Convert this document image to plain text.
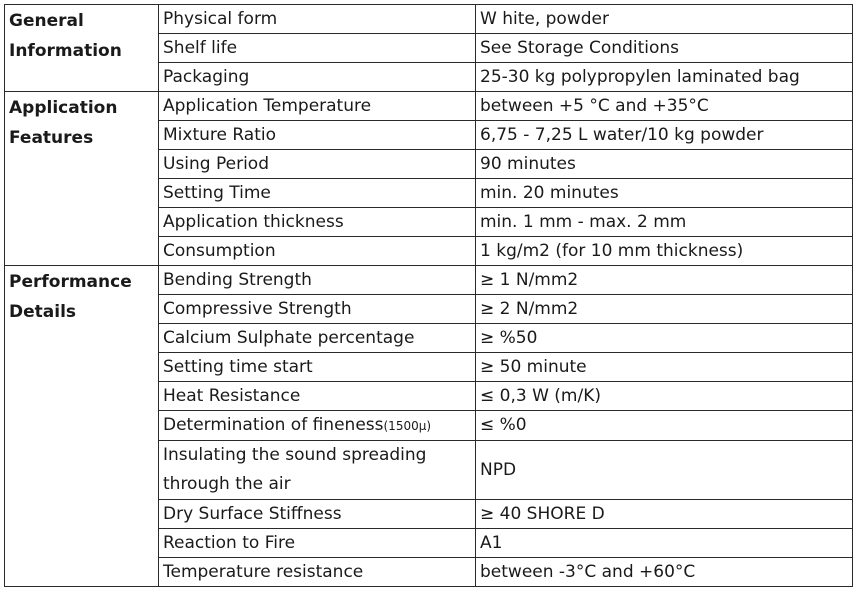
General Information	Physical form	W hite, powder
	Shelf life	See Storage Conditions
	Packaging	25-30 kg polypropylen laminated bag
Application Features	Application Temperature	between +5 °C and +35°C
	Mixture Ratio	6,75 - 7,25 L water/10 kg powder
	Using Period	90 minutes
	Setting Time	min. 20 minutes
	Application thickness	min. 1 mm - max. 2 mm
	Consumption	1 kg/m2 (for 10 mm thickness)
Performance Details	Bending Strength	≥ 1 N/mm2
	Compressive Strength	≥ 2 N/mm2
	Calcium Sulphate percentage	≥ %50
	Setting time start	≥ 50 minute
	Heat Resistance	≤ 0,3 W (m/K)
	Determination of fineness(1500µ)	≤ %0
	Insulating the sound spreading through the air	NPD
	Dry Surface Stiffness	≥ 40 SHORE D
	Reaction to Fire	A1
	Temperature resistance	between -3°C and +60°C
